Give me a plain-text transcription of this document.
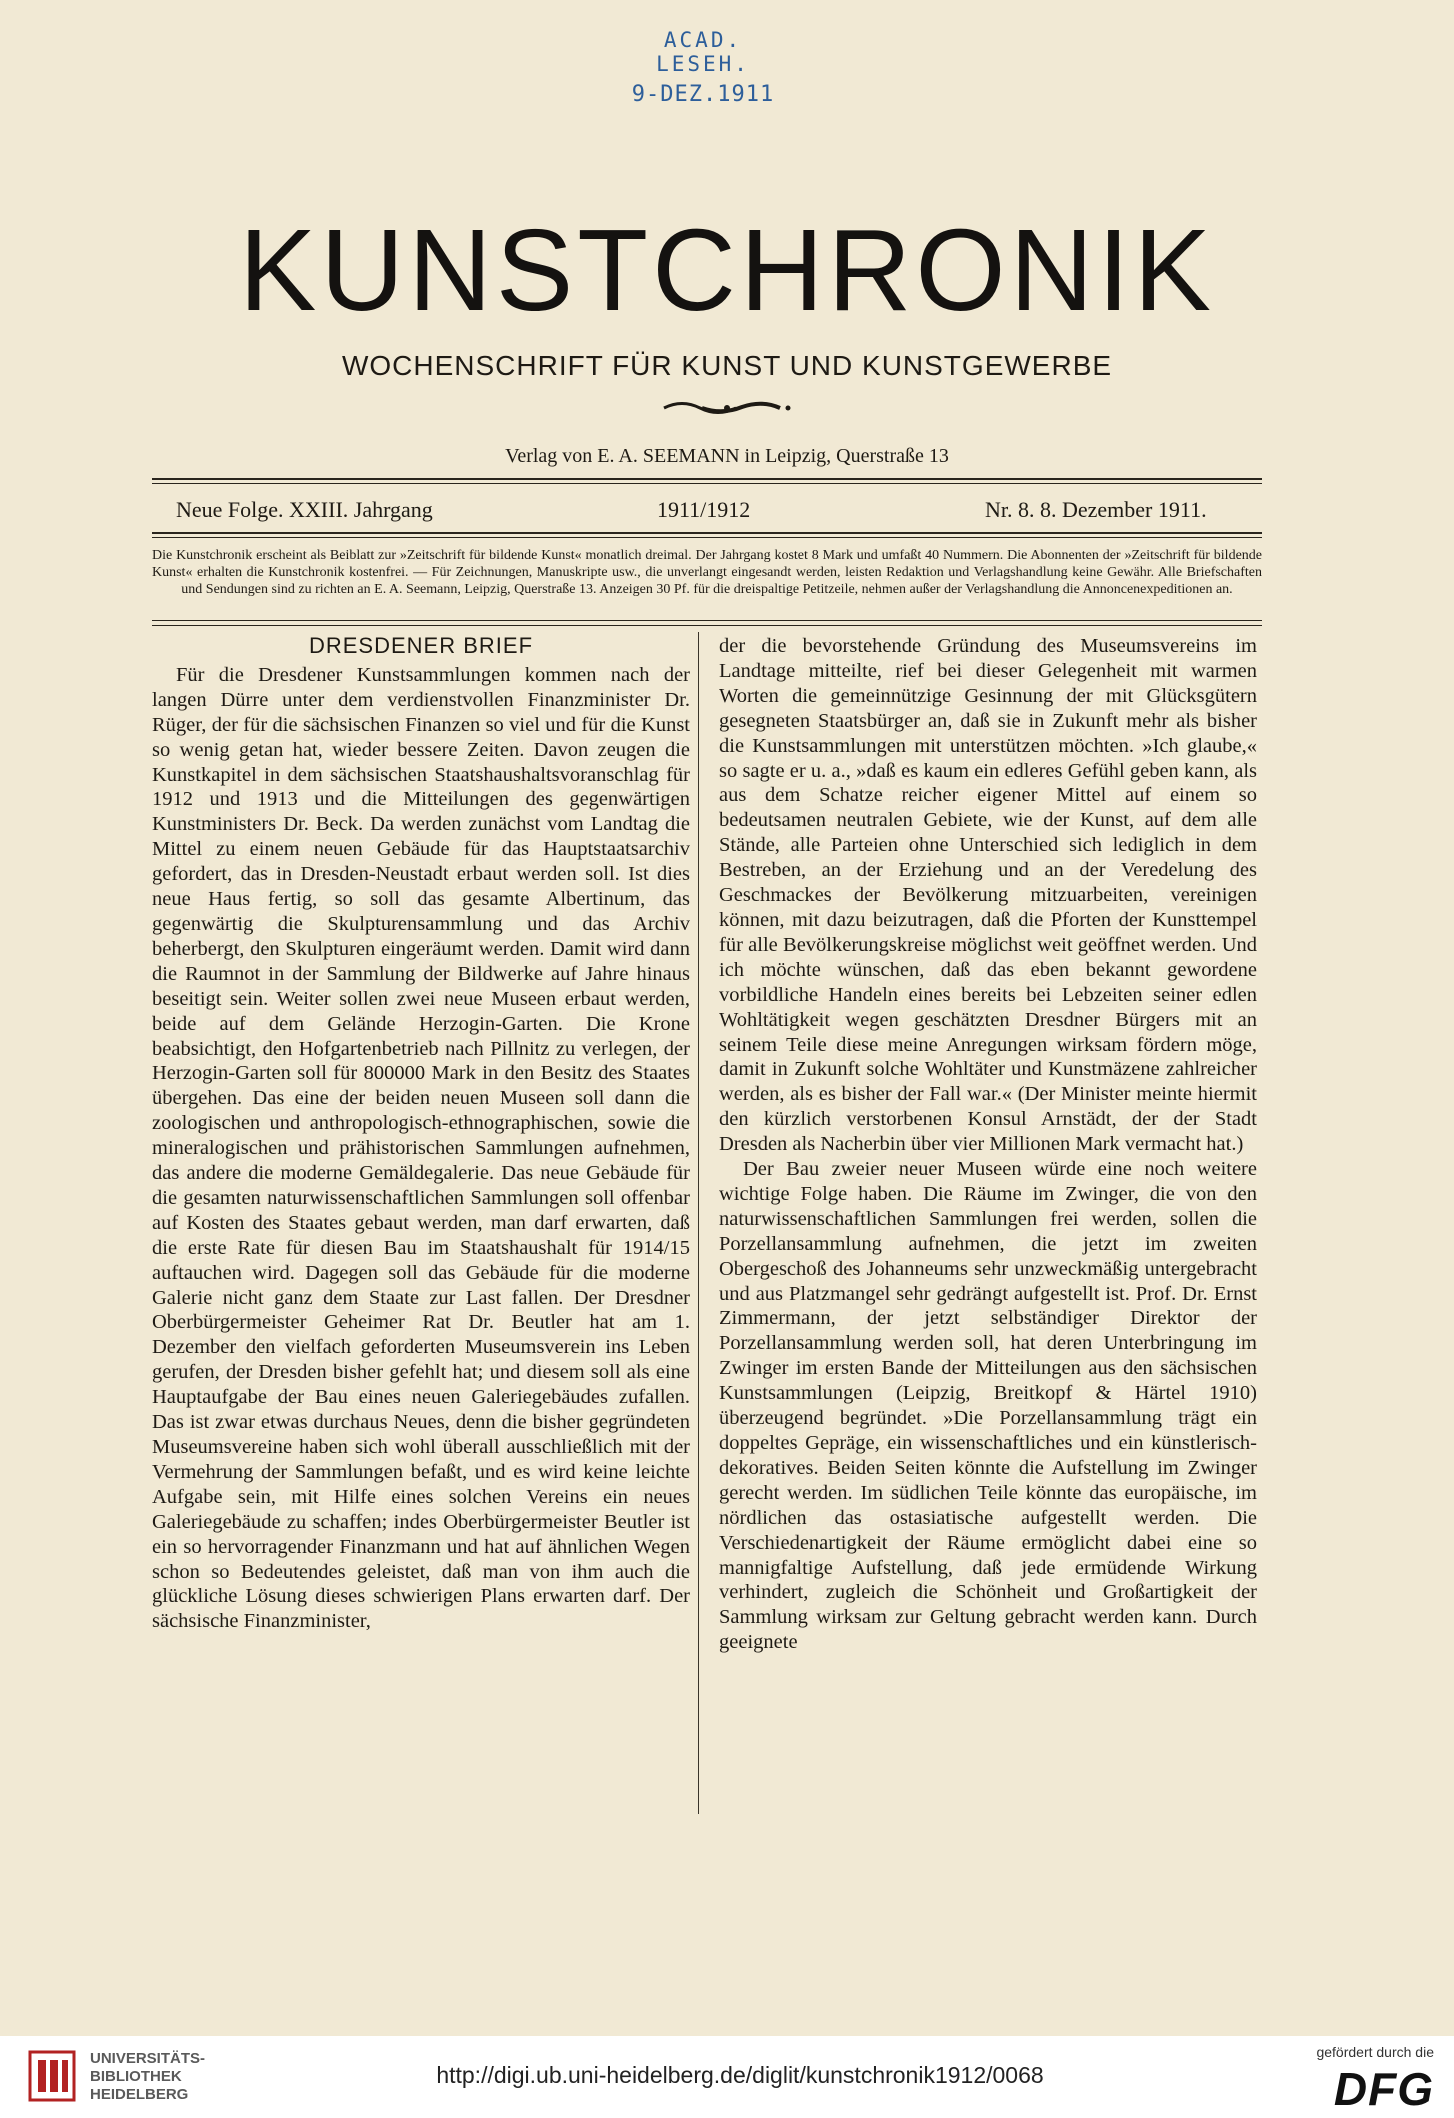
ACAD. LESEH.
9-DEZ.1911
KUNSTCHRONIK
WOCHENSCHRIFT FÜR KUNST UND KUNSTGEWERBE
Verlag von E. A. SEEMANN in Leipzig, Querstraße 13
Neue Folge. XXIII. Jahrgang	1911/1912	Nr. 8. 8. Dezember 1911.
Die Kunstchronik erscheint als Beiblatt zur »Zeitschrift für bildende Kunst« monatlich dreimal. Der Jahrgang kostet 8 Mark und umfaßt 40 Nummern. Die Abonnenten der »Zeitschrift für bildende Kunst« erhalten die Kunstchronik kostenfrei. — Für Zeichnungen, Manuskripte usw., die unverlangt eingesandt werden, leisten Redaktion und Verlagshandlung keine Gewähr. Alle Briefschaften und Sendungen sind zu richten an E. A. Seemann, Leipzig, Querstraße 13. Anzeigen 30 Pf. für die dreispaltige Petitzeile, nehmen außer der Verlagshandlung die Annoncenexpeditionen an.
DRESDENER BRIEF

Für die Dresdener Kunstsammlungen kommen nach der langen Dürre unter dem verdienstvollen Finanzminister Dr. Rüger, der für die sächsischen Finanzen so viel und für die Kunst so wenig getan hat, wieder bessere Zeiten. Davon zeugen die Kunstkapitel in dem sächsischen Staatshaushaltsvoranschlag für 1912 und 1913 und die Mitteilungen des gegenwärtigen Kunstministers Dr. Beck. Da werden zunächst vom Landtag die Mittel zu einem neuen Gebäude für das Hauptstaatsarchiv gefordert, das in Dresden-Neustadt erbaut werden soll. Ist dies neue Haus fertig, so soll das gesamte Albertinum, das gegenwärtig die Skulpturensammlung und das Archiv beherbergt, den Skulpturen eingeräumt werden. Damit wird dann die Raumnot in der Sammlung der Bildwerke auf Jahre hinaus beseitigt sein. Weiter sollen zwei neue Museen erbaut werden, beide auf dem Gelände Herzogin-Garten. Die Krone beabsichtigt, den Hofgartenbetrieb nach Pillnitz zu verlegen, der Herzogin-Garten soll für 800000 Mark in den Besitz des Staates übergehen. Das eine der beiden neuen Museen soll dann die zoologischen und anthropologisch-ethnographischen, sowie die mineralogischen und prähistorischen Sammlungen aufnehmen, das andere die moderne Gemäldegalerie. Das neue Gebäude für die gesamten naturwissenschaftlichen Sammlungen soll offenbar auf Kosten des Staates gebaut werden, man darf erwarten, daß die erste Rate für diesen Bau im Staatshaushalt für 1914/15 auftauchen wird. Dagegen soll das Gebäude für die moderne Galerie nicht ganz dem Staate zur Last fallen. Der Dresdner Oberbürgermeister Geheimer Rat Dr. Beutler hat am 1. Dezember den vielfach geforderten Museumsverein ins Leben gerufen, der Dresden bisher gefehlt hat; und diesem soll als eine Hauptaufgabe der Bau eines neuen Galeriegebäudes zufallen. Das ist zwar etwas durchaus Neues, denn die bisher gegründeten Museumsvereine haben sich wohl überall ausschließlich mit der Vermehrung der Sammlungen befaßt, und es wird keine leichte Aufgabe sein, mit Hilfe eines solchen Vereins ein neues Galeriegebäude zu schaffen; indes Oberbürgermeister Beutler ist ein so hervorragender Finanzmann und hat auf ähnlichen Wegen schon so Bedeutendes geleistet, daß man von ihm auch die glückliche Lösung dieses schwierigen Plans erwarten darf. Der sächsische Finanzminister,

der die bevorstehende Gründung des Museumsvereins im Landtage mitteilte, rief bei dieser Gelegenheit mit warmen Worten die gemeinnützige Gesinnung der mit Glücksgütern gesegneten Staatsbürger an, daß sie in Zukunft mehr als bisher die Kunstsammlungen mit unterstützen möchten. »Ich glaube,« so sagte er u. a., »daß es kaum ein edleres Gefühl geben kann, als aus dem Schatze reicher eigener Mittel auf einem so bedeutsamen neutralen Gebiete, wie der Kunst, auf dem alle Stände, alle Parteien ohne Unterschied sich lediglich in dem Bestreben, an der Erziehung und an der Veredelung des Geschmackes der Bevölkerung mitzuarbeiten, vereinigen können, mit dazu beizutragen, daß die Pforten der Kunsttempel für alle Bevölkerungskreise möglichst weit geöffnet werden. Und ich möchte wünschen, daß das eben bekannt gewordene vorbildliche Handeln eines bereits bei Lebzeiten seiner edlen Wohltätigkeit wegen geschätzten Dresdner Bürgers mit an seinem Teile diese meine Anregungen wirksam fördern möge, damit in Zukunft solche Wohltäter und Kunstmäzene zahlreicher werden, als es bisher der Fall war.« (Der Minister meinte hiermit den kürzlich verstorbenen Konsul Arnstädt, der der Stadt Dresden als Nacherbin über vier Millionen Mark vermacht hat.)

Der Bau zweier neuer Museen würde eine noch weitere wichtige Folge haben. Die Räume im Zwinger, die von den naturwissenschaftlichen Sammlungen frei werden, sollen die Porzellansammlung aufnehmen, die jetzt im zweiten Obergeschoß des Johanneums sehr unzweckmäßig untergebracht und aus Platzmangel sehr gedrängt aufgestellt ist. Prof. Dr. Ernst Zimmermann, der jetzt selbständiger Direktor der Porzellansammlung werden soll, hat deren Unterbringung im Zwinger im ersten Bande der Mitteilungen aus den sächsischen Kunstsammlungen (Leipzig, Breitkopf & Härtel 1910) überzeugend begründet. »Die Porzellansammlung trägt ein doppeltes Gepräge, ein wissenschaftliches und ein künstlerisch-dekoratives. Beiden Seiten könnte die Aufstellung im Zwinger gerecht werden. Im südlichen Teile könnte das europäische, im nördlichen das ostasiatische aufgestellt werden. Die Verschiedenartigkeit der Räume ermöglicht dabei eine so mannigfaltige Aufstellung, daß jede ermüdende Wirkung verhindert, zugleich die Schönheit und Großartigkeit der Sammlung wirksam zur Geltung gebracht werden kann. Durch geeignete

UNIVERSITÄTS-
BIBLIOTHEK
HEIDELBERG
http://digi.ub.uni-heidelberg.de/diglit/kunstchronik1912/0068
gefördert durch die
DFG
